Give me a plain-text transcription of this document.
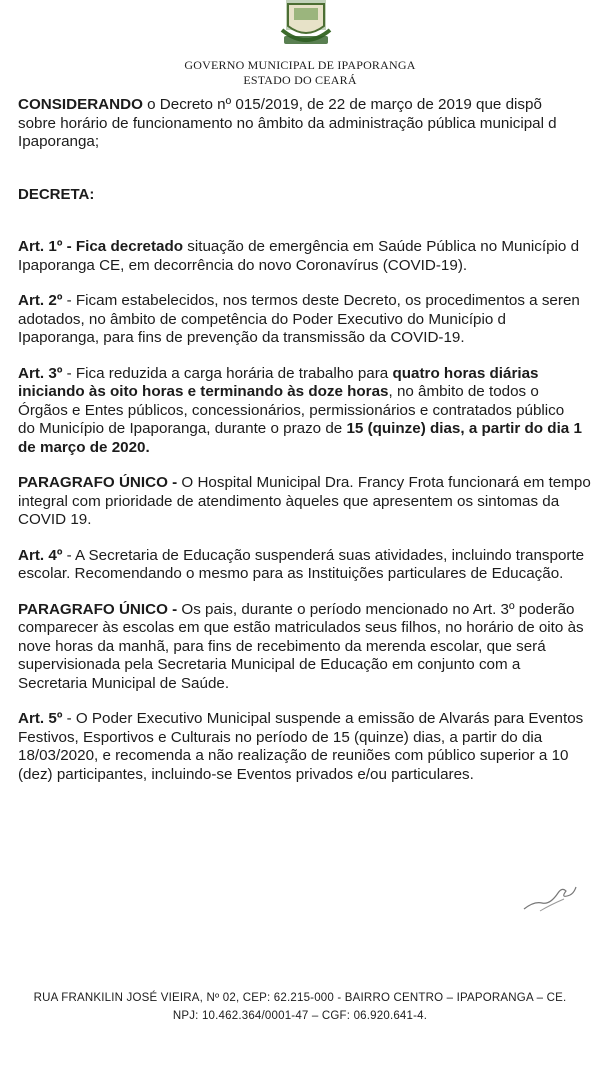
GOVERNO MUNICIPAL DE IPAPORANGA
ESTADO DO CEARÁ
CONSIDERANDO o Decreto nº 015/2019, de 22 de março de 2019 que dispõ
sobre horário de funcionamento no âmbito da administração pública municipal d
Ipaporanga;
DECRETA:
Art. 1º - Fica decretado situação de emergência em Saúde Pública no Município d
Ipaporanga CE, em decorrência do novo Coronavírus (COVID-19).
Art. 2º - Ficam estabelecidos, nos termos deste Decreto, os procedimentos a seren
adotados, no âmbito de competência do Poder Executivo do Município d
Ipaporanga, para fins de prevenção da transmissão da COVID-19.
Art. 3º - Fica reduzida a carga horária de trabalho para quatro horas diárias
iniciando às oito horas e terminando às doze horas, no âmbito de todos o
Órgãos e Entes públicos, concessionários, permissionários e contratados público
do Município de Ipaporanga, durante o prazo de 15 (quinze) dias, a partir do dia 1
de março de 2020.
PARAGRAFO ÚNICO - O Hospital Municipal Dra. Francy Frota funcionará em tempo
integral com prioridade de atendimento àqueles que apresentem os sintomas da
COVID 19.
Art. 4º - A Secretaria de Educação suspenderá suas atividades, incluindo transporte
escolar. Recomendando o mesmo para as Instituições particulares de Educação.
PARAGRAFO ÚNICO - Os pais, durante o período mencionado no Art. 3º poderão
comparecer às escolas em que estão matriculados seus filhos, no horário de oito às
nove horas da manhã, para fins de recebimento da merenda escolar, que será
supervisionada pela Secretaria Municipal de Educação em conjunto com a
Secretaria Municipal de Saúde.
Art. 5º - O Poder Executivo Municipal suspende a emissão de Alvarás para Eventos
Festivos, Esportivos e Culturais no período de 15 (quinze) dias, a partir do dia
18/03/2020, e recomenda a não realização de reuniões com público superior a 10
(dez) participantes, incluindo-se Eventos privados e/ou particulares.
RUA FRANKILIN JOSÉ VIEIRA, Nº 02, CEP: 62.215-000 - BAIRRO CENTRO – IPAPORANGA – CE.
NPJ: 10.462.364/0001-47 – CGF: 06.920.641-4.
